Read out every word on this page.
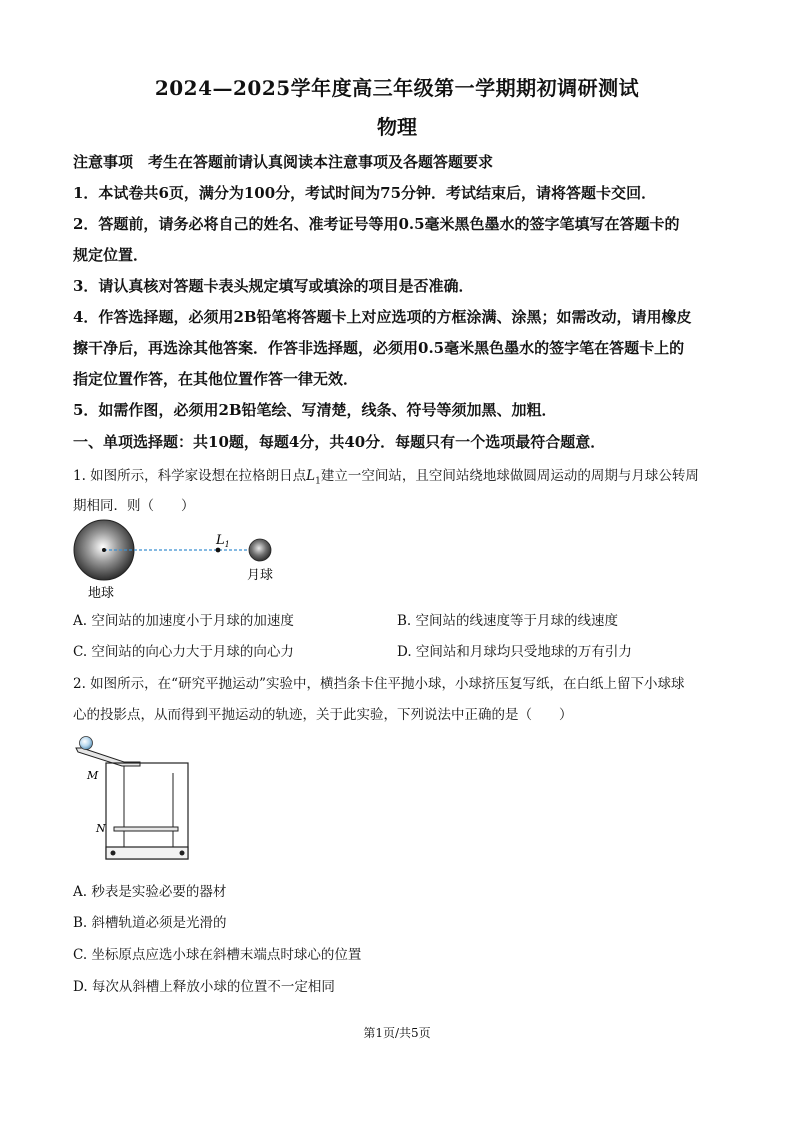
2024—2025学年度高三年级第一学期期初调研测试
物理
注意事项　考生在答题前请认真阅读本注意事项及各题答题要求
1．本试卷共6页，满分为100分，考试时间为75分钟．考试结束后，请将答题卡交回．
2．答题前，请务必将自己的姓名、准考证号等用0.5毫米黑色墨水的签字笔填写在答题卡的
规定位置．
3．请认真核对答题卡表头规定填写或填涂的项目是否准确．
4．作答选择题，必须用2B铅笔将答题卡上对应选项的方框涂满、涂黑；如需改动，请用橡皮
擦干净后，再选涂其他答案．作答非选择题，必须用0.5毫米黑色墨水的签字笔在答题卡上的
指定位置作答，在其他位置作答一律无效．
5．如需作图，必须用2B铅笔绘、写清楚，线条、符号等须加黑、加粗．
一、单项选择题：共10题，每题4分，共40分．每题只有一个选项最符合题意．
1. 如图所示，科学家设想在拉格朗日点$L_1$建立一空间站，且空间站绕地球做圆周运动的周期与月球公转周
期相同．则（　　）
$L_1$
月球
地球
A. 空间站的加速度小于月球的加速度	B. 空间站的线速度等于月球的线速度
C. 空间站的向心力大于月球的向心力	D. 空间站和月球均只受地球的万有引力
2. 如图所示，在“研究平抛运动”实验中，横挡条卡住平抛小球，小球挤压复写纸，在白纸上留下小球球
心的投影点，从而得到平抛运动的轨迹，关于此实验，下列说法中正确的是（　　）
M
N
A. 秒表是实验必要的器材
B. 斜槽轨道必须是光滑的
C. 坐标原点应选小球在斜槽末端点时球心的位置
D. 每次从斜槽上释放小球的位置不一定相同
第1页/共5页
